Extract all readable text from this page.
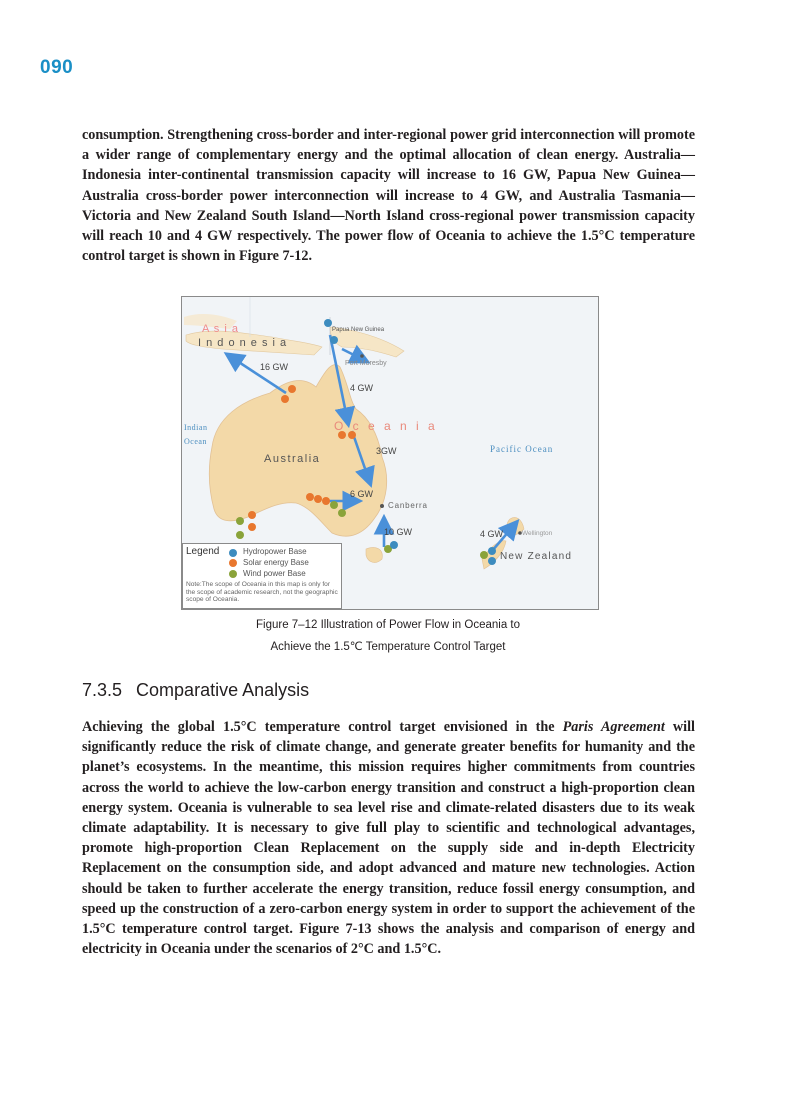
090
consumption. Strengthening cross-border and inter-regional power grid interconnection will promote a wider range of complementary energy and the optimal allocation of clean energy. Australia—Indonesia inter-continental transmission capacity will increase to 16 GW, Papua New Guinea—Australia cross-border power interconnection will increase to 4 GW, and Australia Tasmania—Victoria and New Zealand South Island—North Island cross-regional power transmission capacity will reach 10 and 4 GW respectively. The power flow of Oceania to achieve the 1.5°C temperature control target is shown in Figure 7-12.
A s i a
I n d o n e s i a
Papua New Guinea
Port Moresby
Indian
Ocean
O c e a n i a
Australia
Pacific Ocean
Canberra
New Zealand
Wellington
16 GW
4 GW
3GW
6 GW
10 GW	4 GW
Legend	Hydropower Base
Solar energy Base
Wind power Base
Note:The scope of Oceania in this map is only for the scope of academic research, not the geographic scope of Oceania.
Figure 7–12 Illustration of Power Flow in Oceania to
Achieve the 1.5℃ Temperature Control Target
7.3.5 Comparative Analysis
Achieving the global 1.5°C temperature control target envisioned in the Paris Agreement will significantly reduce the risk of climate change, and generate greater benefits for humanity and the planet’s ecosystems. In the meantime, this mission requires higher commitments from countries across the world to achieve the low-carbon energy transition and construct a high-proportion clean energy system. Oceania is vulnerable to sea level rise and climate-related disasters due to its weak climate adaptability. It is necessary to give full play to scientific and technological advantages, promote high-proportion Clean Replacement on the supply side and in-depth Electricity Replacement on the consumption side, and adopt advanced and mature new technologies. Action should be taken to further accelerate the energy transition, reduce fossil energy consumption, and speed up the construction of a zero-carbon energy system in order to support the achievement of the 1.5°C temperature control target. Figure 7-13 shows the analysis and comparison of energy and electricity in Oceania under the scenarios of 2°C and 1.5°C.
